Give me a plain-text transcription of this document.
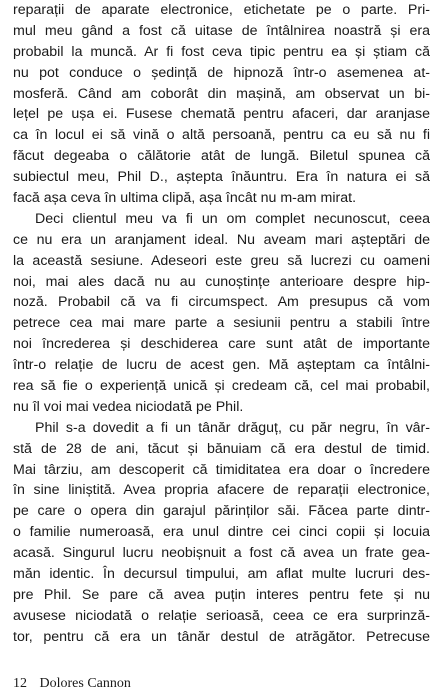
reparații de aparate electronice, etichetate pe o parte. Pri-
mul meu gând a fost că uitase de întâlnirea noastră și era
probabil la muncă. Ar fi fost ceva tipic pentru ea și știam că
nu pot conduce o ședință de hipnoză într-o asemenea at-
mosferă. Când am coborât din mașină, am observat un bi-
lețel pe ușa ei. Fusese chemată pentru afaceri, dar aranjase
ca în locul ei să vină o altă persoană, pentru ca eu să nu fi
făcut degeaba o călătorie atât de lungă. Biletul spunea că
subiectul meu, Phil D., aștepta înăuntru. Era în natura ei să
facă așa ceva în ultima clipă, așa încât nu m-am mirat.
Deci clientul meu va fi un om complet necunoscut, ceea
ce nu era un aranjament ideal. Nu aveam mari așteptări de
la această sesiune. Adeseori este greu să lucrezi cu oameni
noi, mai ales dacă nu au cunoștințe anterioare despre hip-
noză. Probabil că va fi circumspect. Am presupus că vom
petrece cea mai mare parte a sesiunii pentru a stabili între
noi încrederea și deschiderea care sunt atât de importante
într-o relație de lucru de acest gen. Mă așteptam ca întâlni-
rea să fie o experiență unică și credeam că, cel mai probabil,
nu îl voi mai vedea niciodată pe Phil.
Phil s-a dovedit a fi un tânăr drăguț, cu păr negru, în vâr-
stă de 28 de ani, tăcut și bănuiam că era destul de timid.
Mai târziu, am descoperit că timiditatea era doar o încredere
în sine liniștită. Avea propria afacere de reparații electronice,
pe care o opera din garajul părinților săi. Făcea parte dintr-
o familie numeroasă, era unul dintre cei cinci copii și locuia
acasă. Singurul lucru neobișnuit a fost că avea un frate gea-
măn identic. În decursul timpului, am aflat multe lucruri des-
pre Phil. Se pare că avea puțin interes pentru fete și nu
avusese niciodată o relație serioasă, ceea ce era surprinză-
tor, pentru că era un tânăr destul de atrăgător. Petrecuse
12 Dolores Cannon
